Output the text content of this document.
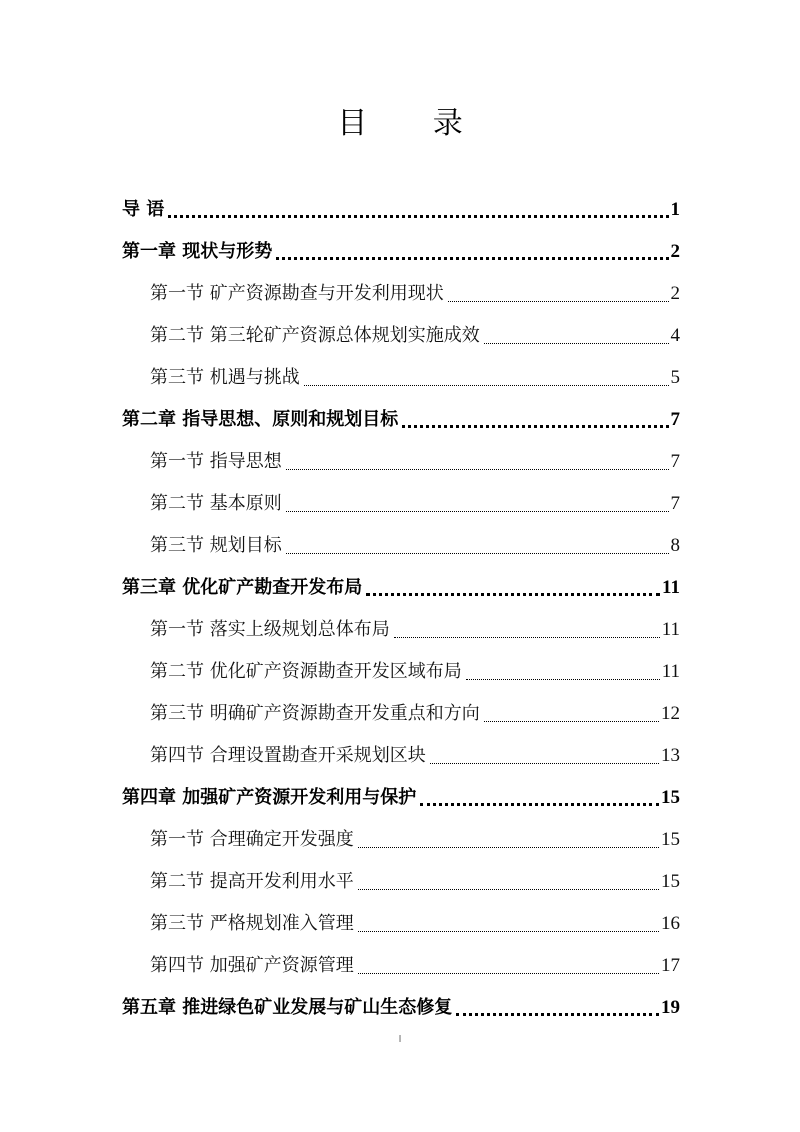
目 录
导 语	1
第一章 现状与形势	2
第一节 矿产资源勘查与开发利用现状	2
第二节 第三轮矿产资源总体规划实施成效	4
第三节 机遇与挑战	5
第二章 指导思想、原则和规划目标	7
第一节 指导思想	7
第二节 基本原则	7
第三节 规划目标	8
第三章 优化矿产勘查开发布局	11
第一节 落实上级规划总体布局	11
第二节 优化矿产资源勘查开发区域布局	11
第三节 明确矿产资源勘查开发重点和方向	12
第四节 合理设置勘查开采规划区块	13
第四章 加强矿产资源开发利用与保护	15
第一节 合理确定开发强度	15
第二节 提高开发利用水平	15
第三节 严格规划准入管理	16
第四节 加强矿产资源管理	17
第五章 推进绿色矿业发展与矿山生态修复	19
I
